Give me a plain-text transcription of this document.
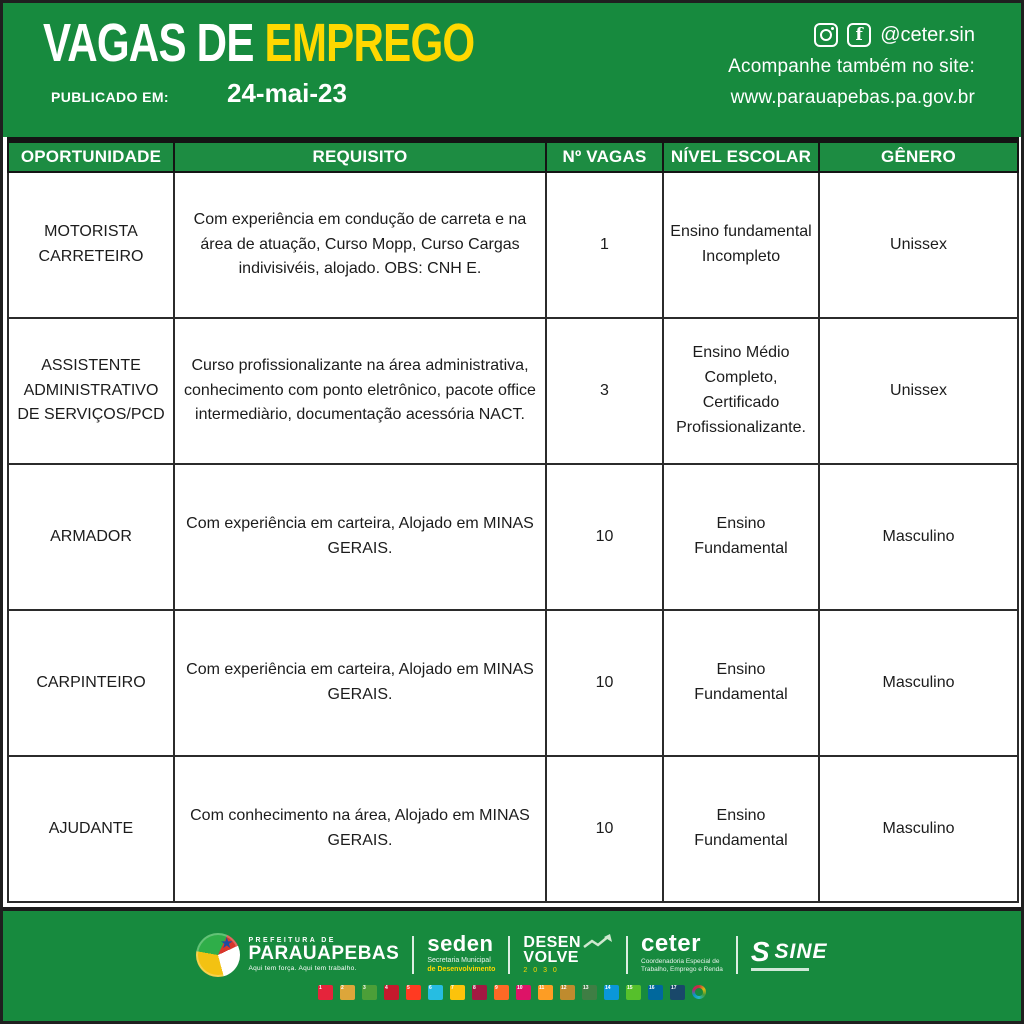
VAGAS DE EMPREGO
PUBLICADO EM: 24-mai-23
f
@ceter.sin
Acompanhe também no site:
www.parauapebas.pa.gov.br
OPORTUNIDADE	REQUISITO	Nº VAGAS	NÍVEL ESCOLAR	GÊNERO
MOTORISTA CARRETEIRO	Com experiência em condução de carreta e na área de atuação, Curso Mopp, Curso Cargas indivisivéis, alojado. OBS: CNH E.	1	Ensino fundamental Incompleto	Unissex
ASSISTENTE ADMINISTRATIVO DE SERVIÇOS/PCD	Curso profissionalizante na área administrativa, conhecimento com ponto eletrônico, pacote office intermediàrio, documentação acessória NACT.	3	Ensino Médio Completo, Certificado Profissionalizante.	Unissex
ARMADOR	Com experiência em carteira, Alojado em MINAS GERAIS.	10	Ensino Fundamental	Masculino
CARPINTEIRO	Com experiência em carteira, Alojado em MINAS GERAIS.	10	Ensino Fundamental	Masculino
AJUDANTE	Com conhecimento na área, Alojado em MINAS GERAIS.	10	Ensino Fundamental	Masculino
★ PREFEITURA DE
PARAUAPEBAS
Aqui tem força. Aqui tem trabalho.
seden
Secretaria Municipal
de Desenvolvimento
DESEN
VOLVE
2 0 3 0
ceter
Coordenadoria Especial de
Trabalho, Emprego e Renda
S
SINE
1	2	3	4	5	6	7	8	9	10	11	12	13	14	15	16	17
